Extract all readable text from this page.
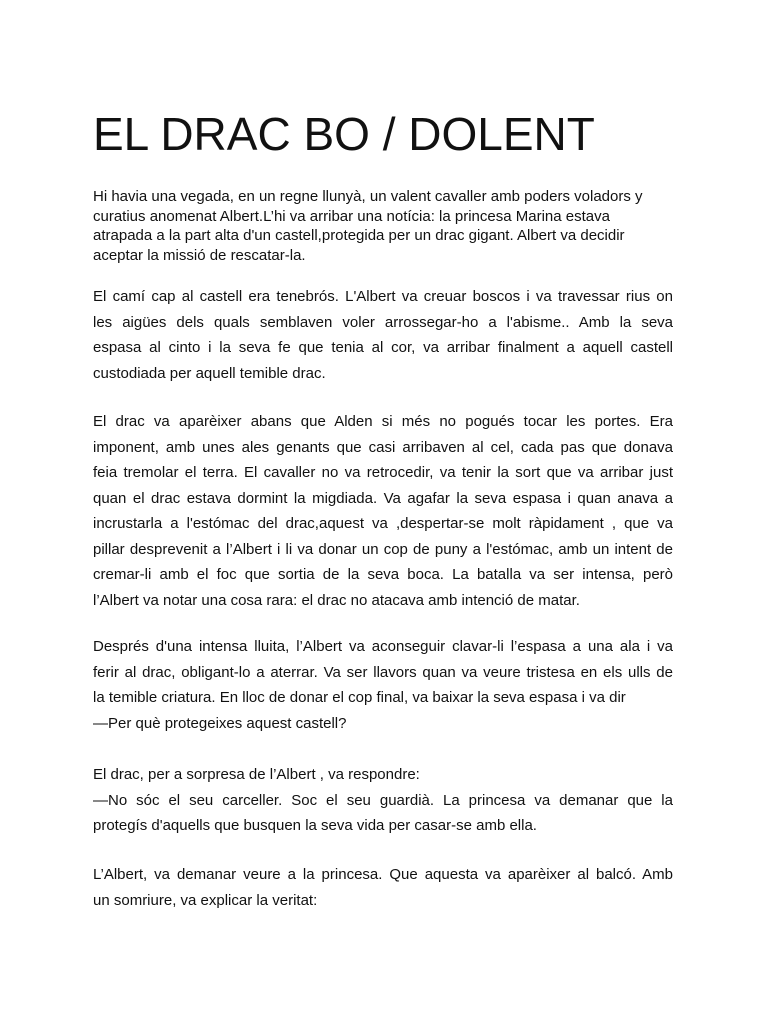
EL DRAC BO / DOLENT

Hi havia una vegada, en un regne llunyà, un valent cavaller amb poders voladors y
curatius anomenat Albert.L’hi va arribar una notícia: la princesa Marina estava
atrapada a la part alta d'un castell,protegida per un drac gigant. Albert va decidir
aceptar la missió de rescatar-la.

El camí cap al castell era tenebrós. L'Albert va creuar boscos i va travessar rius on
les aigües dels quals semblaven voler arrossegar-ho a l'abisme.. Amb la seva
espasa al cinto i la seva fe que tenia al cor, va arribar finalment a aquell castell
custodiada per aquell temible drac.

El drac va aparèixer abans que Alden si més no pogués tocar les portes. Era
imponent, amb unes ales genants que casi arribaven al cel, cada pas que donava
feia tremolar el terra. El cavaller no va retrocedir, va tenir la sort que va arribar just
quan el drac estava dormint la migdiada. Va agafar la seva espasa i quan anava a
incrustarla a l'estómac del drac,aquest va ,despertar-se molt ràpidament , que va
pillar desprevenit a l’Albert i li va donar un cop de puny a l'estómac, amb un intent de
cremar-li amb el foc que sortia de la seva boca. La batalla va ser intensa, però
l’Albert va notar una cosa rara: el drac no atacava amb intenció de matar.

Després d'una intensa lluita, l’Albert va aconseguir clavar-li l’espasa a una ala i va
ferir al drac, obligant-lo a aterrar. Va ser llavors quan va veure tristesa en els ulls de
la temible criatura. En lloc de donar el cop final, va baixar la seva espasa i va dir
—Per què protegeixes aquest castell?

El drac, per a sorpresa de l’Albert , va respondre:
—No sóc el seu carceller. Soc el seu guardià. La princesa va demanar que la
protegís d'aquells que busquen la seva vida per casar-se amb ella.

L’Albert, va demanar veure a la princesa. Que aquesta va aparèixer al balcó. Amb
un somriure, va explicar la veritat:
